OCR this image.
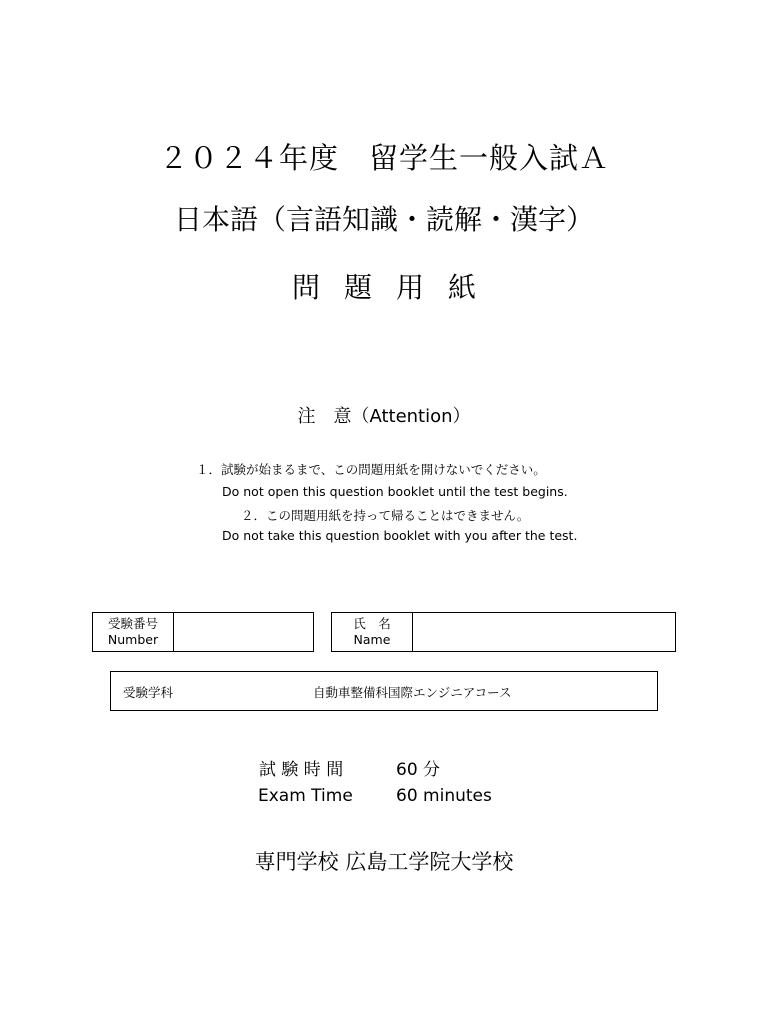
２０２４年度　留学生一般入試Ａ
日本語（言語知識・読解・漢字）
問題用紙
注　意（Attention）
１．試験が始まるまで、この問題用紙を開けないでください。
Do not open this question booklet until the test begins.
２．この問題用紙を持って帰ることはできません。
Do not take this question booklet with you after the test.
受験番号
Number
氏　名
Name
受験学科	自動車整備科国際エンジニアコース
試 験 時 間	60 分
Exam Time	60 minutes
専門学校 広島工学院大学校
